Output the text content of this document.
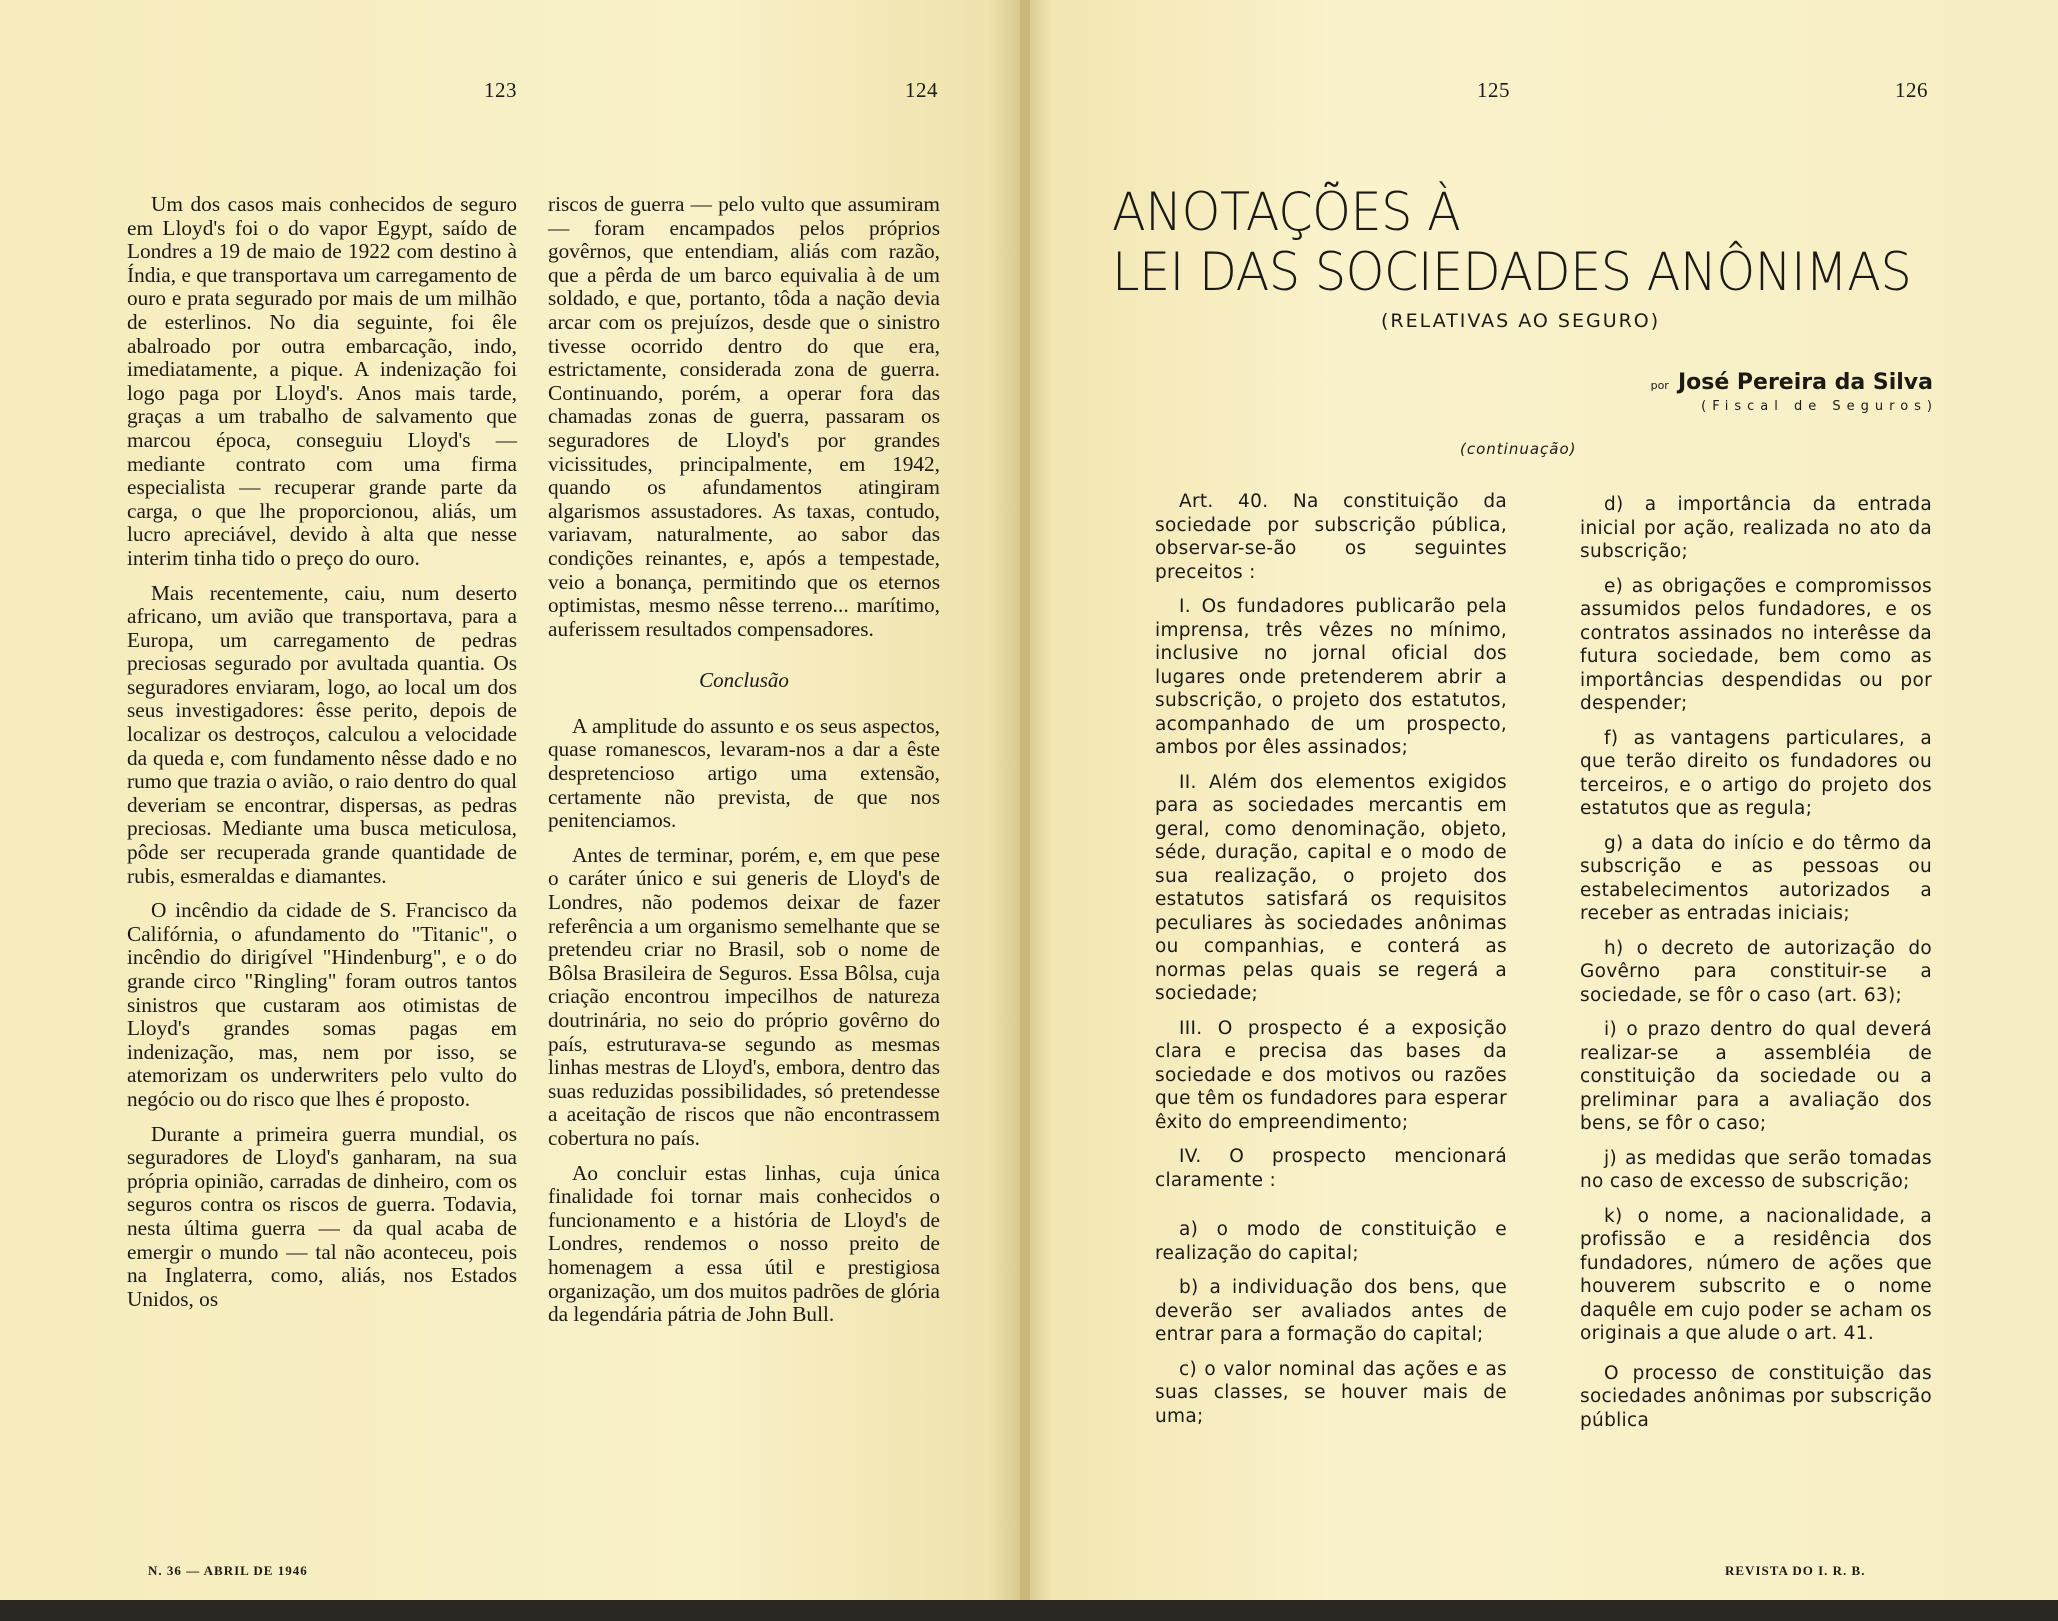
123	124	125	126

Um dos casos mais conhecidos de seguro em Lloyd's foi o do vapor Egypt, saído de Londres a 19 de maio de 1922 com destino à Índia, e que transportava um carregamento de ouro e prata segurado por mais de um milhão de esterlinos. No dia seguinte, foi êle abalroado por outra embarcação, indo, imediatamente, a pique. A indenização foi logo paga por Lloyd's. Anos mais tarde, graças a um trabalho de salvamento que marcou época, conseguiu Lloyd's — mediante contrato com uma firma especialista — recuperar grande parte da carga, o que lhe proporcionou, aliás, um lucro apreciável, devido à alta que nesse interim tinha tido o preço do ouro.

Mais recentemente, caiu, num deserto africano, um avião que transportava, para a Europa, um carregamento de pedras preciosas segurado por avultada quantia. Os seguradores enviaram, logo, ao local um dos seus investigadores: êsse perito, depois de localizar os destroços, calculou a velocidade da queda e, com fundamento nêsse dado e no rumo que trazia o avião, o raio dentro do qual deveriam se encontrar, dispersas, as pedras preciosas. Mediante uma busca meticulosa, pôde ser recuperada grande quantidade de rubis, esmeraldas e diamantes.

O incêndio da cidade de S. Francisco da Califórnia, o afundamento do "Titanic", o incêndio do dirigível "Hindenburg", e o do grande circo "Ringling" foram outros tantos sinistros que custaram aos otimistas de Lloyd's grandes somas pagas em indenização, mas, nem por isso, se atemorizam os underwriters pelo vulto do negócio ou do risco que lhes é proposto.

Durante a primeira guerra mundial, os seguradores de Lloyd's ganharam, na sua própria opinião, carradas de dinheiro, com os seguros contra os riscos de guerra. Todavia, nesta última guerra — da qual acaba de emergir o mundo — tal não aconteceu, pois na Inglaterra, como, aliás, nos Estados Unidos, os

riscos de guerra — pelo vulto que assumiram — foram encampados pelos próprios govêrnos, que entendiam, aliás com razão, que a pêrda de um barco equivalia à de um soldado, e que, portanto, tôda a nação devia arcar com os prejuízos, desde que o sinistro tivesse ocorrido dentro do que era, estrictamente, considerada zona de guerra. Continuando, porém, a operar fora das chamadas zonas de guerra, passaram os seguradores de Lloyd's por grandes vicissitudes, principalmente, em 1942, quando os afundamentos atingiram algarismos assustadores. As taxas, contudo, variavam, naturalmente, ao sabor das condições reinantes, e, após a tempestade, veio a bonança, permitindo que os eternos optimistas, mesmo nêsse terreno... marítimo, auferissem resultados compensadores.

Conclusão

A amplitude do assunto e os seus aspectos, quase romanescos, levaram-nos a dar a êste despretencioso artigo uma extensão, certamente não prevista, de que nos penitenciamos.

Antes de terminar, porém, e, em que pese o caráter único e sui generis de Lloyd's de Londres, não podemos deixar de fazer referência a um organismo semelhante que se pretendeu criar no Brasil, sob o nome de Bôlsa Brasileira de Seguros. Essa Bôlsa, cuja criação encontrou impecilhos de natureza doutrinária, no seio do próprio govêrno do país, estruturava-se segundo as mesmas linhas mestras de Lloyd's, embora, dentro das suas reduzidas possibilidades, só pretendesse a aceitação de riscos que não encontrassem cobertura no país.

Ao concluir estas linhas, cuja única finalidade foi tornar mais conhecidos o funcionamento e a história de Lloyd's de Londres, rendemos o nosso preito de homenagem a essa útil e prestigiosa organização, um dos muitos padrões de glória da legendária pátria de John Bull.

ANOTAÇÕES À
LEI DAS SOCIEDADES ANÔNIMAS
(RELATIVAS AO SEGURO)
por José Pereira da Silva
(Fiscal de Seguros)
(continuação)

Art. 40. Na constituição da sociedade por subscrição pública, observar-se-ão os seguintes preceitos :

I. Os fundadores publicarão pela imprensa, três vêzes no mínimo, inclusive no jornal oficial dos lugares onde pretenderem abrir a subscrição, o projeto dos estatutos, acompanhado de um prospecto, ambos por êles assinados;

II. Além dos elementos exigidos para as sociedades mercantis em geral, como denominação, objeto, séde, duração, capital e o modo de sua realização, o projeto dos estatutos satisfará os requisitos peculiares às sociedades anônimas ou companhias, e conterá as normas pelas quais se regerá a sociedade;

III. O prospecto é a exposição clara e precisa das bases da sociedade e dos motivos ou razões que têm os fundadores para esperar êxito do empreendimento;

IV. O prospecto mencionará claramente :

a) o modo de constituição e realização do capital;

b) a individuação dos bens, que deverão ser avaliados antes de entrar para a formação do capital;

c) o valor nominal das ações e as suas classes, se houver mais de uma;

d) a importância da entrada inicial por ação, realizada no ato da subscrição;

e) as obrigações e compromissos assumidos pelos fundadores, e os contratos assinados no interêsse da futura sociedade, bem como as importâncias despendidas ou por despender;

f) as vantagens particulares, a que terão direito os fundadores ou terceiros, e o artigo do projeto dos estatutos que as regula;

g) a data do início e do têrmo da subscrição e as pessoas ou estabelecimentos autorizados a receber as entradas iniciais;

h) o decreto de autorização do Govêrno para constituir-se a sociedade, se fôr o caso (art. 63);

i) o prazo dentro do qual deverá realizar-se a assembléia de constituição da sociedade ou a preliminar para a avaliação dos bens, se fôr o caso;

j) as medidas que serão tomadas no caso de excesso de subscrição;

k) o nome, a nacionalidade, a profissão e a residência dos fundadores, número de ações que houverem subscrito e o nome daquêle em cujo poder se acham os originais a que alude o art. 41.

O processo de constituição das sociedades anônimas por subscrição pública

N. 36 — ABRIL DE 1946	REVISTA DO I. R. B.
